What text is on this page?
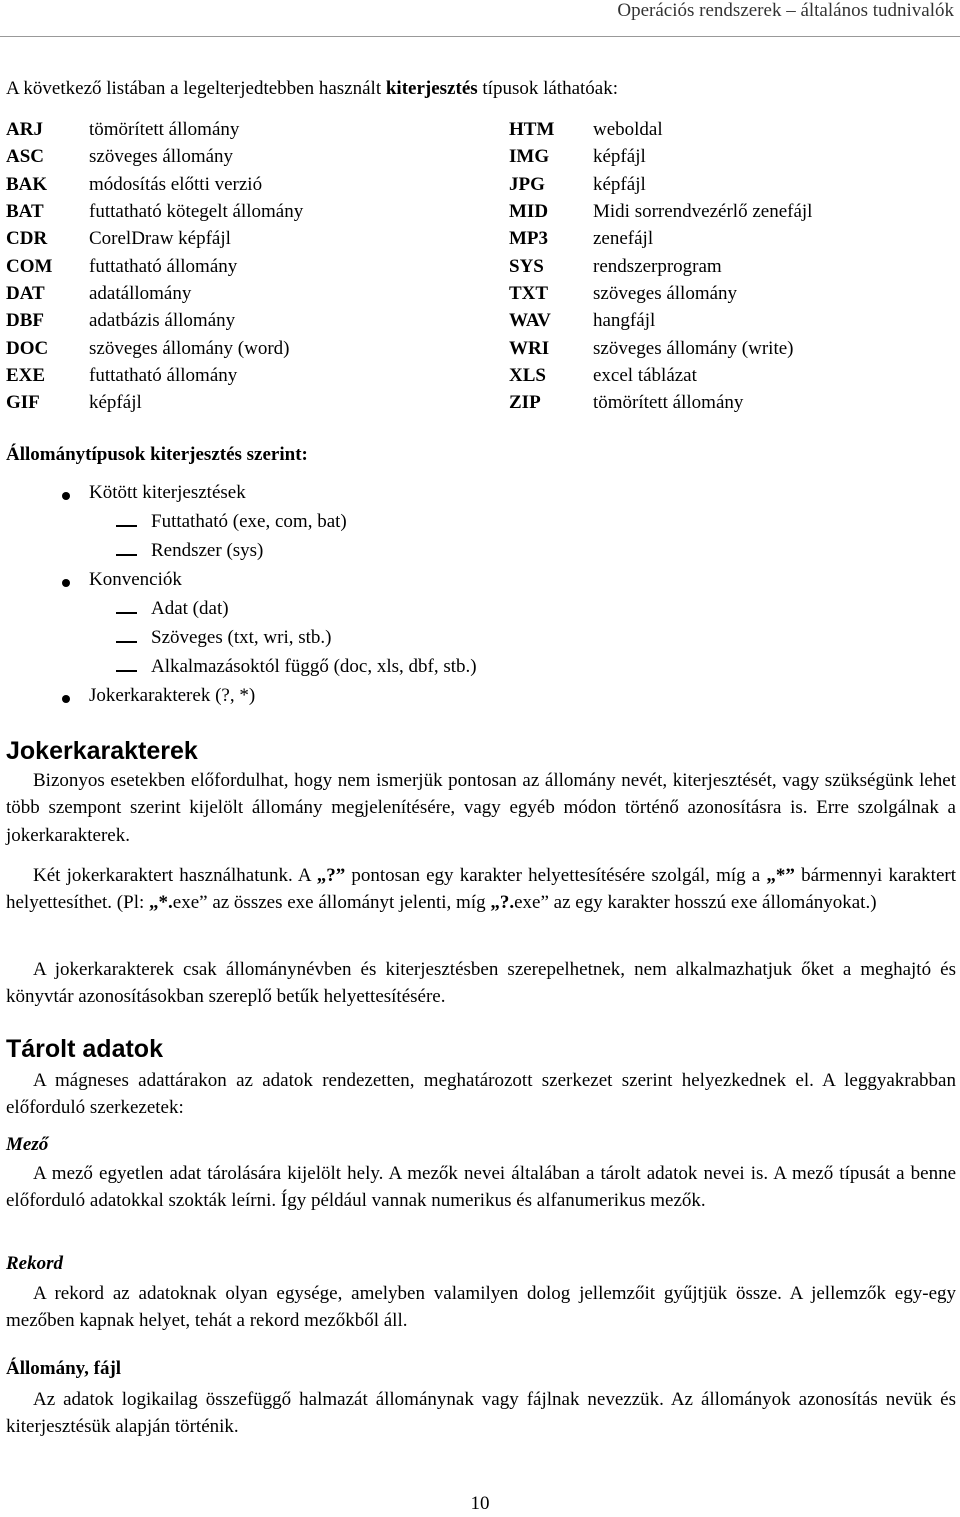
Operációs rendszerek – általános tudnivalók
A következő listában a legelterjedtebben használt kiterjesztés típusok láthatóak:
ARJ	tömörített állomány	HTM	weboldal
ASC	szöveges állomány	IMG	képfájl
BAK	módosítás előtti verzió	JPG	képfájl
BAT	futtatható kötegelt állomány	MID	Midi sorrendvezérlő zenefájl
CDR	CorelDraw képfájl	MP3	zenefájl
COM	futtatható állomány	SYS	rendszerprogram
DAT	adatállomány	TXT	szöveges állomány
DBF	adatbázis állomány	WAV	hangfájl
DOC	szöveges állomány (word)	WRI	szöveges állomány (write)
EXE	futtatható állomány	XLS	excel táblázat
GIF	képfájl	ZIP	tömörített állomány
Állománytípusok kiterjesztés szerint:
Kötött kiterjesztések
Futtatható (exe, com, bat)
Rendszer (sys)
Konvenciók
Adat (dat)
Szöveges (txt, wri, stb.)
Alkalmazásoktól függő (doc, xls, dbf, stb.)
Jokerkarakterek (?, *)
Jokerkarakterek
Bizonyos esetekben előfordulhat, hogy nem ismerjük pontosan az állomány nevét, kiterjesztését, vagy szükségünk lehet több szempont szerint kijelölt állomány megjelenítésére, vagy egyéb módon történő azonosításra is. Erre szolgálnak a jokerkarakterek.
Két jokerkaraktert használhatunk. A „?” pontosan egy karakter helyettesítésére szolgál, míg a „*” bármennyi karaktert helyettesíthet. (Pl: „*.exe” az összes exe állományt jelenti, míg „?.exe” az egy karakter hosszú exe állományokat.)
A jokerkarakterek csak állománynévben és kiterjesztésben szerepelhetnek, nem alkalmazhatjuk őket a meghajtó és könyvtár azonosításokban szereplő betűk helyettesítésére.
Tárolt adatok
A mágneses adattárakon az adatok rendezetten, meghatározott szerkezet szerint helyezkednek el. A leggyakrabban előforduló szerkezetek:
Mező
A mező egyetlen adat tárolására kijelölt hely. A mezők nevei általában a tárolt adatok nevei is. A mező típusát a benne előforduló adatokkal szokták leírni. Így például vannak numerikus és alfanumerikus mezők.
Rekord
A rekord az adatoknak olyan egysége, amelyben valamilyen dolog jellemzőit gyűjtjük össze. A jellemzők egy-egy mezőben kapnak helyet, tehát a rekord mezőkből áll.
Állomány, fájl
Az adatok logikailag összefüggő halmazát állománynak vagy fájlnak nevezzük. Az állományok azonosítás nevük és kiterjesztésük alapján történik.
10
